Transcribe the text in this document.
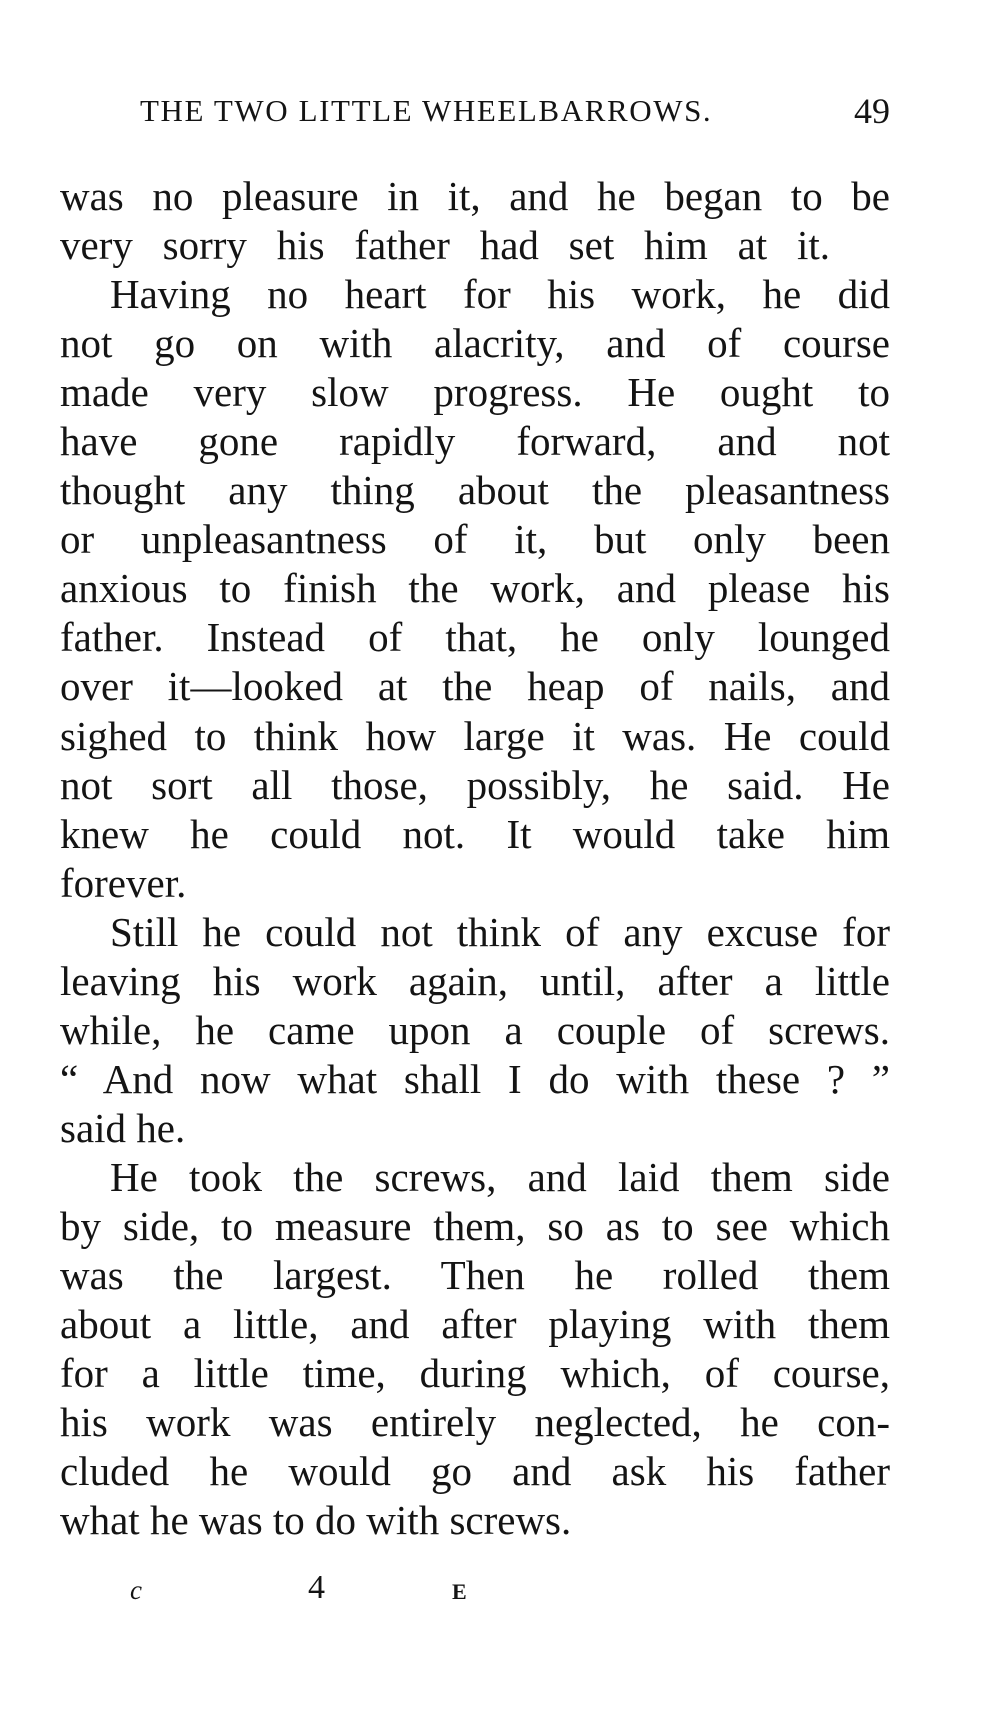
THE TWO LITTLE WHEELBARROWS.	49
was no pleasure in it, and he began to be
very sorry his father had set him at it.
Having no heart for his work, he did
not go on with alacrity, and of course
made very slow progress. He ought to
have gone rapidly forward, and not
thought any thing about the pleasantness
or unpleasantness of it, but only been
anxious to finish the work, and please his
father. Instead of that, he only lounged
over it—looked at the heap of nails, and
sighed to think how large it was. He could
not sort all those, possibly, he said. He
knew he could not. It would take him
forever.
Still he could not think of any excuse for
leaving his work again, until, after a little
while, he came upon a couple of screws.
“ And now what shall I do with these ? ”
said he.
He took the screws, and laid them side
by side, to measure them, so as to see which
was the largest. Then he rolled them
about a little, and after playing with them
for a little time, during which, of course,
his work was entirely neglected, he con-
cluded he would go and ask his father
what he was to do with screws.
c	4	E
